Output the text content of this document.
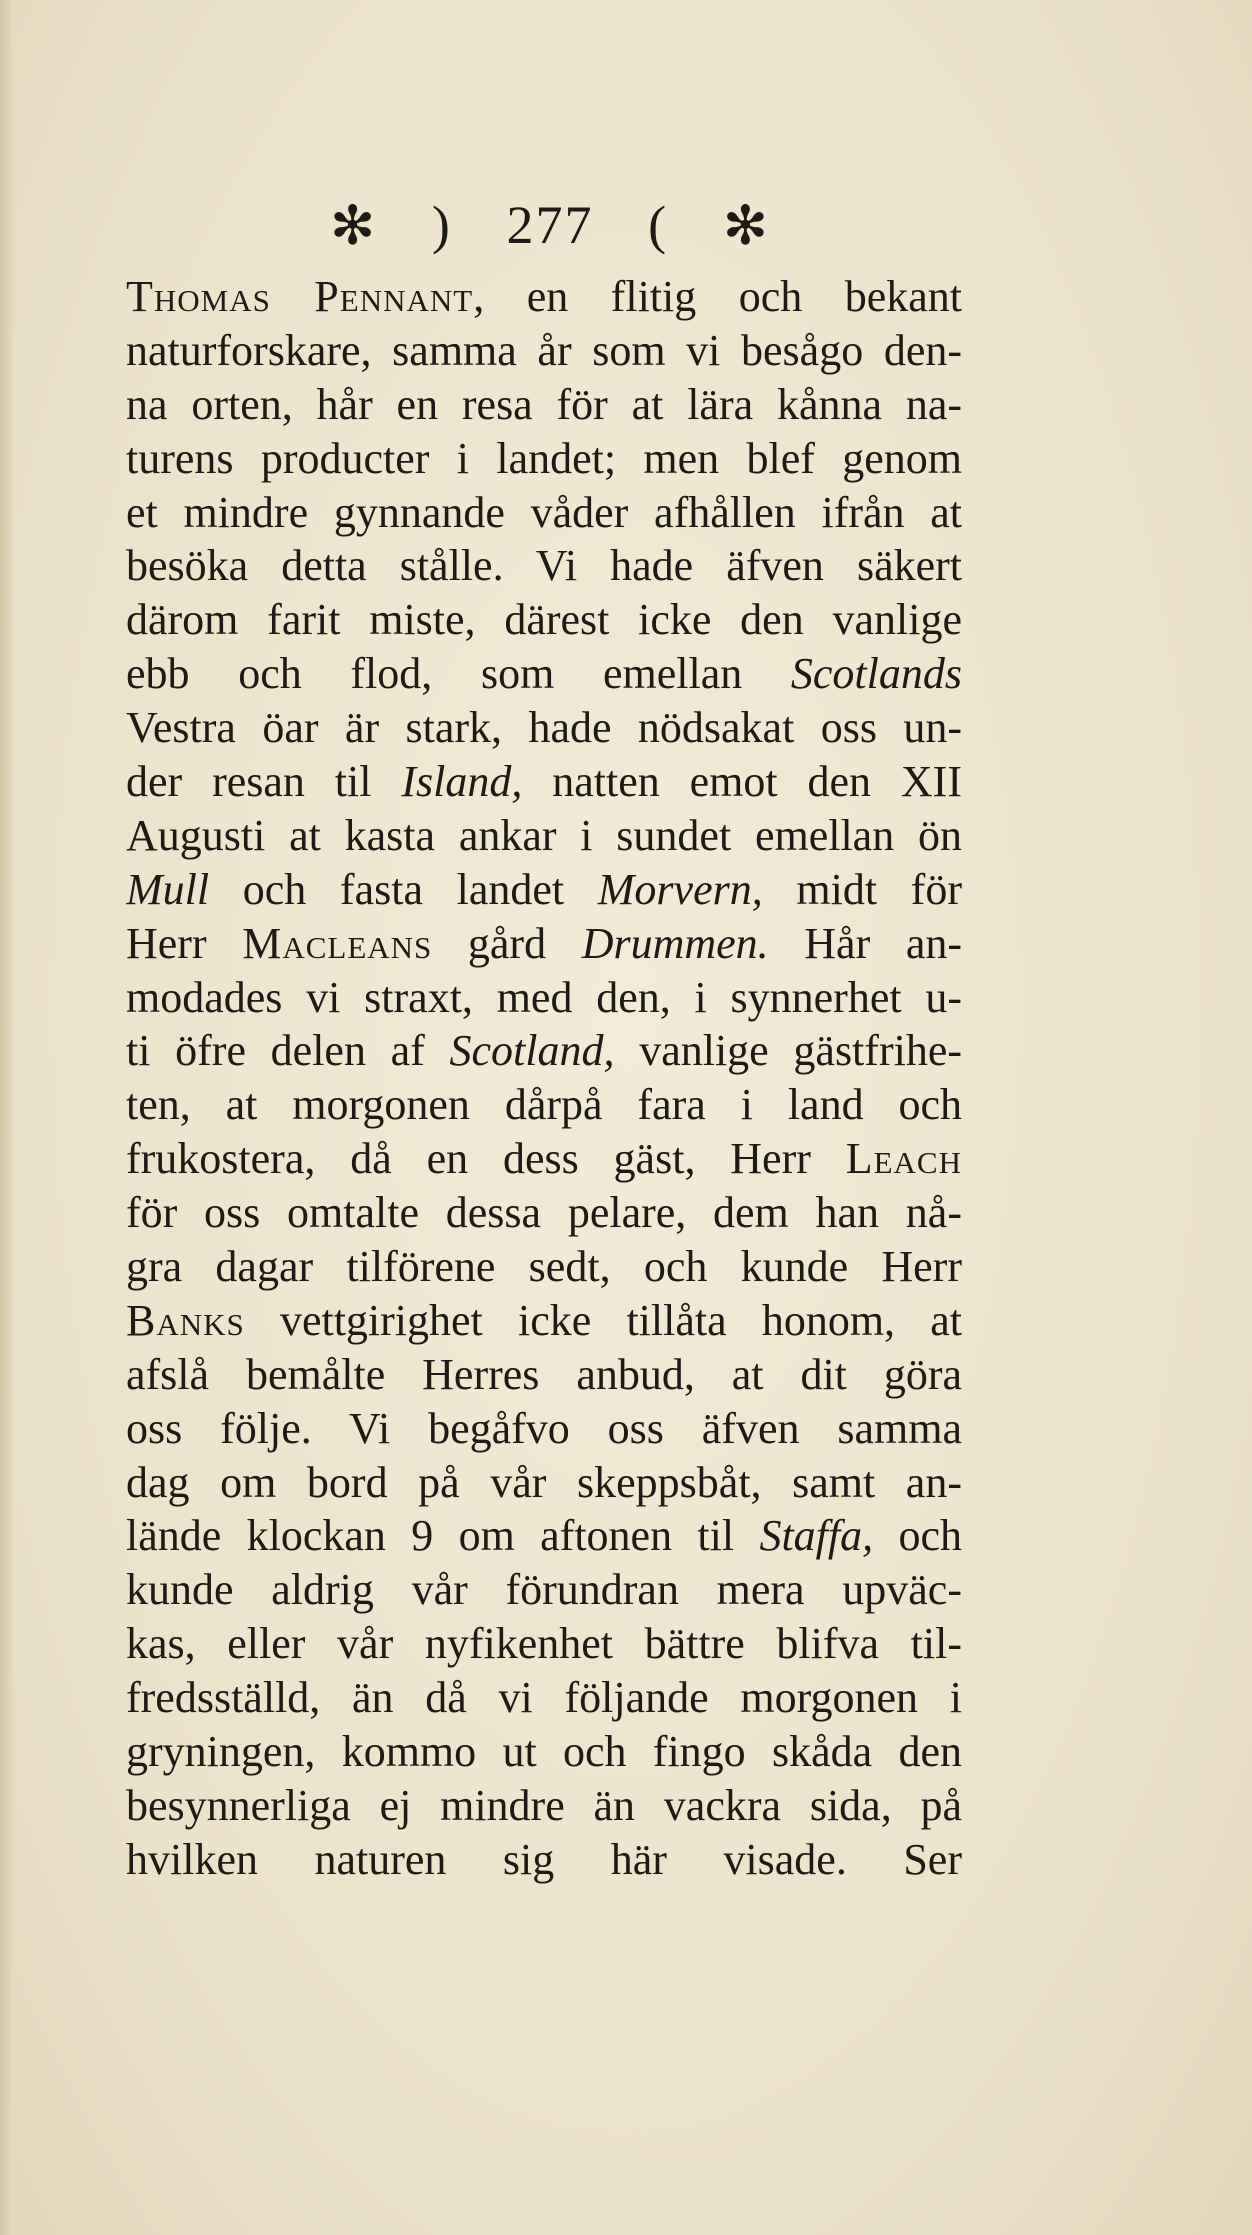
✻ ) 277 ( ✻
Thomas Pennant, en flitig och bekant
naturforskare, samma år som vi besågo den-
na orten, hår en resa för at lära kånna na-
turens producter i landet; men blef genom
et mindre gynnande våder afhållen ifrån at
besöka detta stålle. Vi hade äfven säkert
därom farit miste, därest icke den vanlige
ebb och flod, som emellan Scotlands
Vestra öar är stark, hade nödsakat oss un-
der resan til Island, natten emot den XII
Augusti at kasta ankar i sundet emellan ön
Mull och fasta landet Morvern, midt för
Herr Macleans gård Drummen. Hår an-
modades vi straxt, med den, i synnerhet u-
ti öfre delen af Scotland, vanlige gästfrihe-
ten, at morgonen dårpå fara i land och
frukostera, då en dess gäst, Herr Leach
för oss omtalte dessa pelare, dem han nå-
gra dagar tilförene sedt, och kunde Herr
Banks vettgirighet icke tillåta honom, at
afslå bemålte Herres anbud, at dit göra
oss följe. Vi begåfvo oss äfven samma
dag om bord på vår skeppsbåt, samt an-
lände klockan 9 om aftonen til Staffa, och
kunde aldrig vår förundran mera upväc-
kas, eller vår nyfikenhet bättre blifva til-
fredsställd, än då vi följande morgonen i
gryningen, kommo ut och fingo skåda den
besynnerliga ej mindre än vackra sida, på
hvilken naturen sig här visade. Ser
